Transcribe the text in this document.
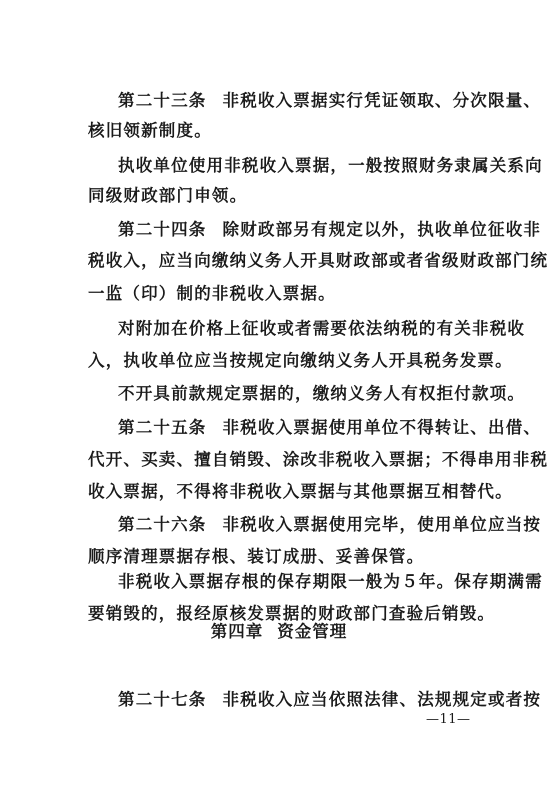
第二十三条 非税收入票据实行凭证领取、分次限量、
核旧领新制度。
执收单位使用非税收入票据，一般按照财务隶属关系向
同级财政部门申领。
第二十四条 除财政部另有规定以外，执收单位征收非
税收入，应当向缴纳义务人开具财政部或者省级财政部门统
一监（印）制的非税收入票据。
对附加在价格上征收或者需要依法纳税的有关非税收
入，执收单位应当按规定向缴纳义务人开具税务发票。
不开具前款规定票据的，缴纳义务人有权拒付款项。
第二十五条 非税收入票据使用单位不得转让、出借、
代开、买卖、擅自销毁、涂改非税收入票据；不得串用非税
收入票据，不得将非税收入票据与其他票据互相替代。
第二十六条 非税收入票据使用完毕，使用单位应当按
顺序清理票据存根、装订成册、妥善保管。
非税收入票据存根的保存期限一般为５年。保存期满需
要销毁的，报经原核发票据的财政部门查验后销毁。
第四章 资金管理
第二十七条 非税收入应当依照法律、法规规定或者按
—11—
